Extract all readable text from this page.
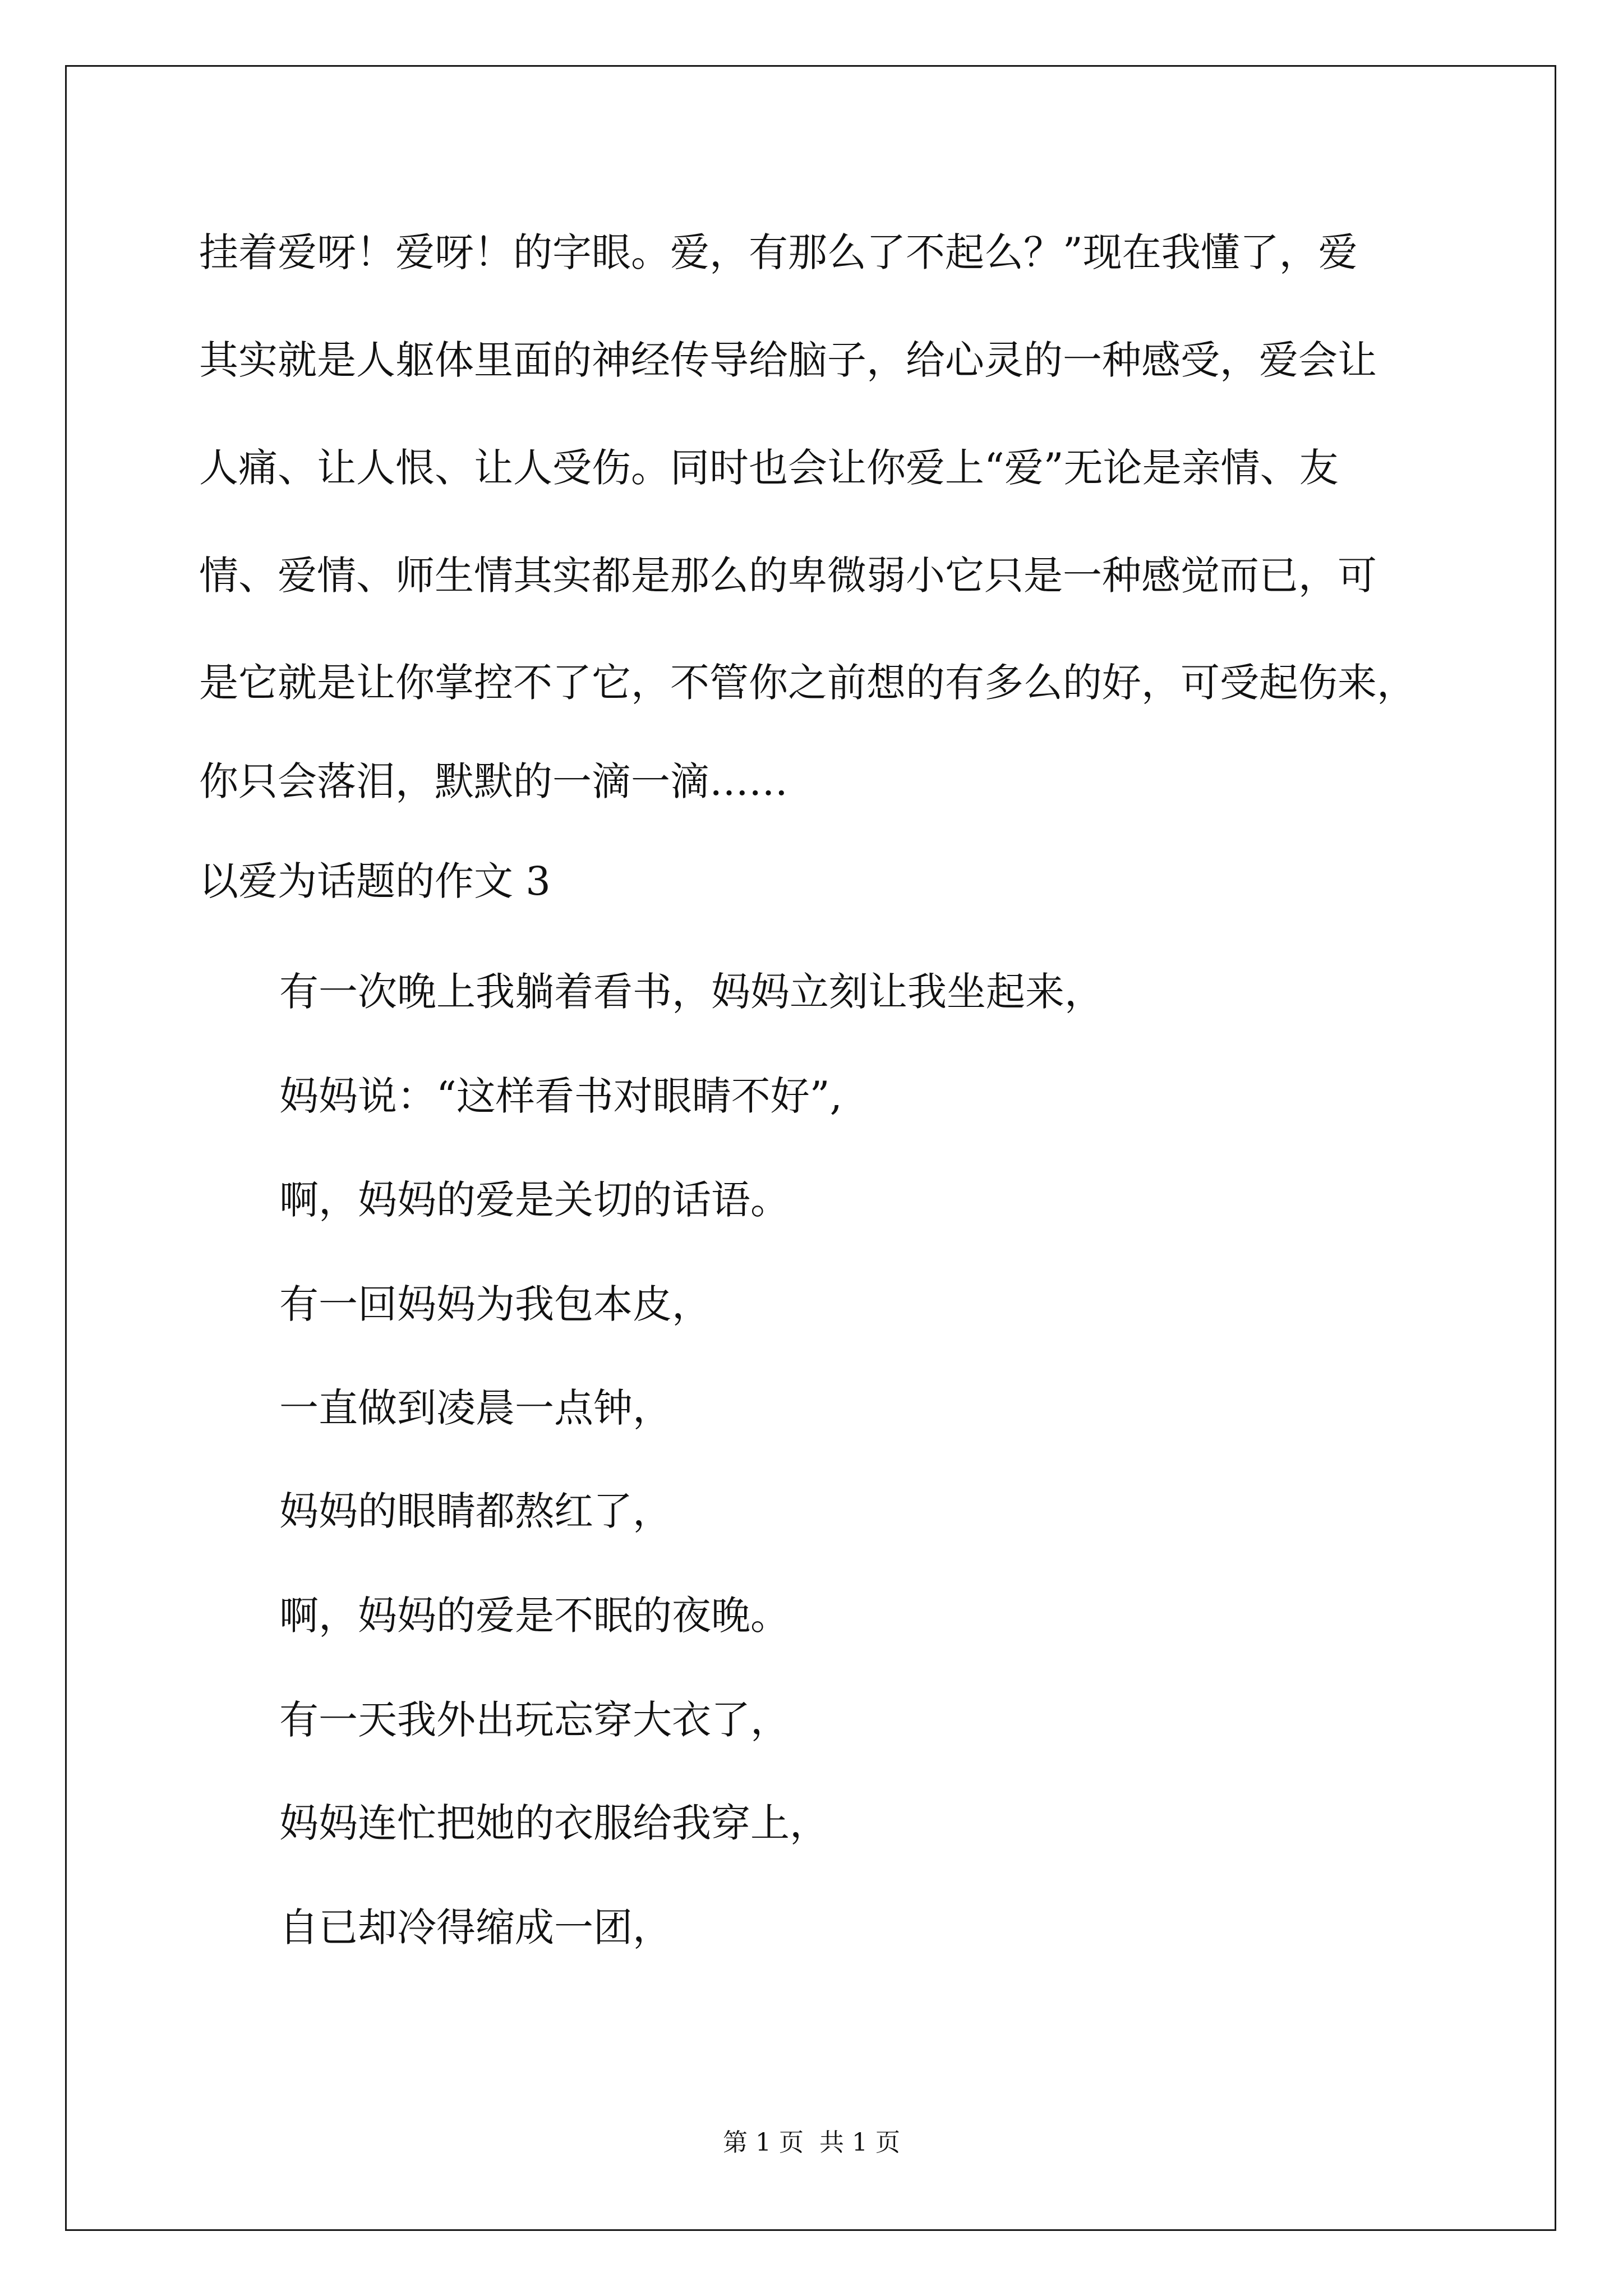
挂着爱呀！爱呀！的字眼。爱，有那么了不起么？”现在我懂了，爱
其实就是人躯体里面的神经传导给脑子，给心灵的一种感受，爱会让
人痛、让人恨、让人受伤。同时也会让你爱上“爱”无论是亲情、友
情、爱情、师生情其实都是那么的卑微弱小它只是一种感觉而已，可
是它就是让你掌控不了它，不管你之前想的有多么的好，可受起伤来，
你只会落泪，默默的一滴一滴……
以爱为话题的作文 3
有一次晚上我躺着看书，妈妈立刻让我坐起来，
妈妈说：“这样看书对眼睛不好”,
啊，妈妈的爱是关切的话语。
有一回妈妈为我包本皮，
一直做到凌晨一点钟，
妈妈的眼睛都熬红了，
啊，妈妈的爱是不眠的夜晚。
有一天我外出玩忘穿大衣了，
妈妈连忙把她的衣服给我穿上，
自已却冷得缩成一团，
第 1 页 共 1 页
